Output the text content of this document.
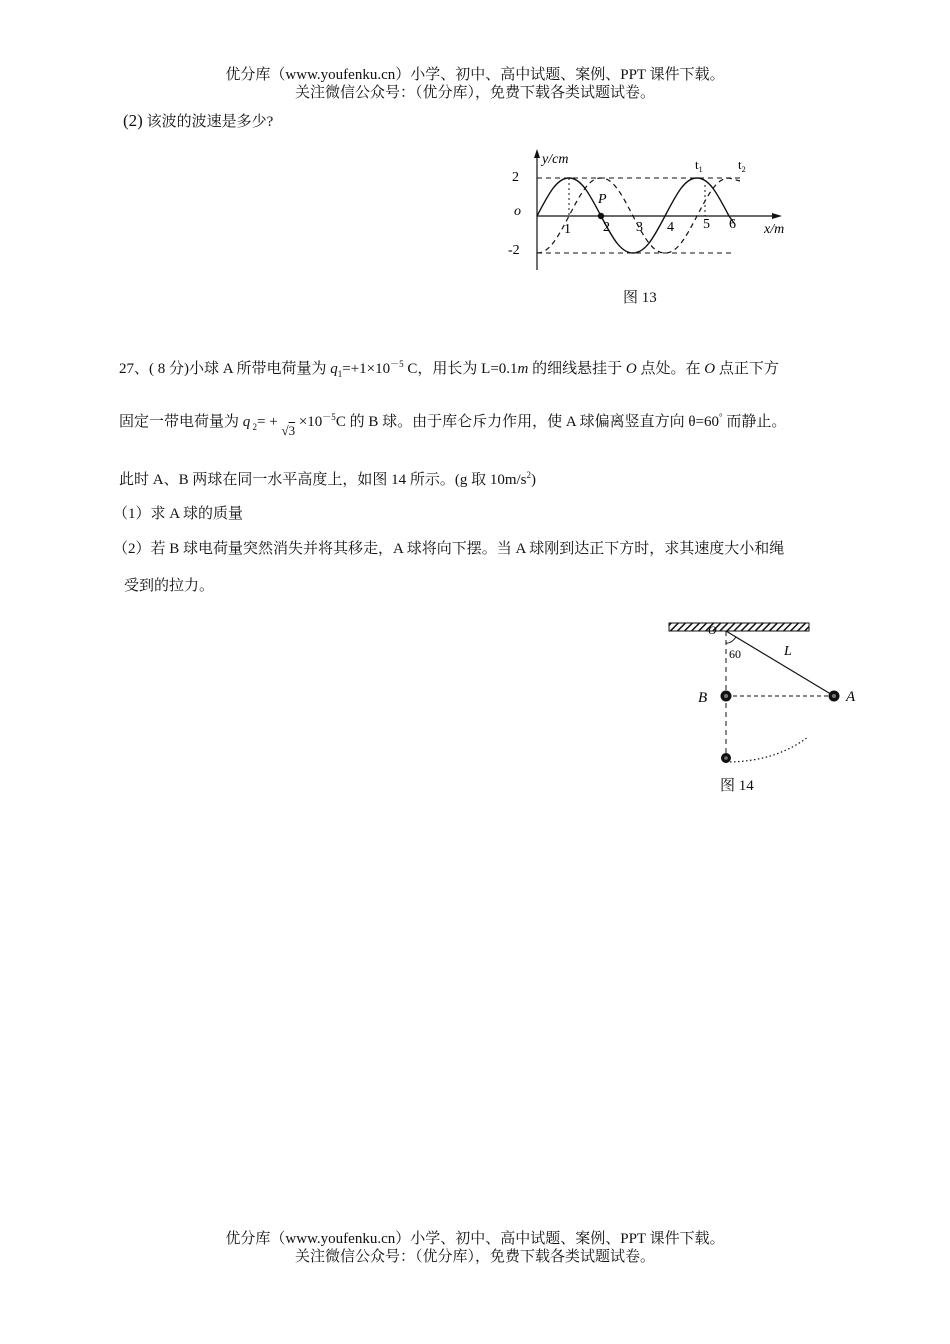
优分库（www.youfenku.cn）小学、初中、高中试题、案例、PPT 课件下载。
关注微信公众号：（优分库），免费下载各类试题试卷。
(2) 该波的波速是多少?
y/cm
x/m
o
2
-2
1 2 3 4 5 6
P
$t_1$	$t_2$
图 13
27、( 8 分)小球 A 所带电荷量为 $q_1=+1\times 10^{-5}$ C，用长为 L=0.1m 的细线悬挂于 O 点处。在 O 点正下方
固定一带电荷量为 q $_2= + √3 \times 10^{-5}C$ 的 B 球。由于库仑斥力作用，使 A 球偏离竖直方向 θ=60° 而静止。
此时 A、B 两球在同一水平高度上，如图 14 所示。(g 取 $10m/s^2$)
（1）求 A 球的质量
（2）若 B 球电荷量突然消失并将其移走，A 球将向下摆。当 A 球刚到达正下方时，求其速度大小和绳
受到的拉力。
O
60	L
B	A
图 14
优分库（www.youfenku.cn）小学、初中、高中试题、案例、PPT 课件下载。
关注微信公众号：（优分库），免费下载各类试题试卷。
